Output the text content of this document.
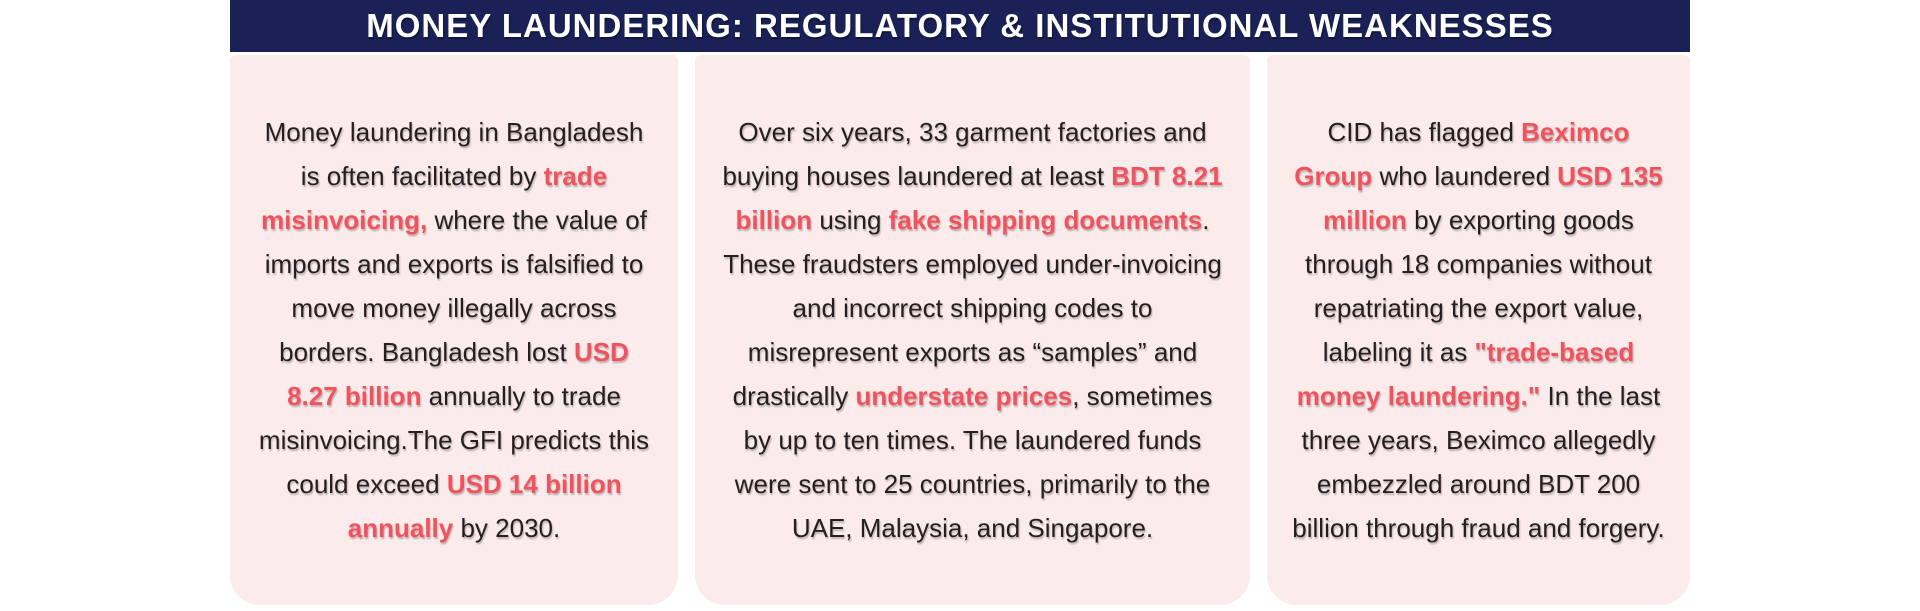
MONEY LAUNDERING: REGULATORY & INSTITUTIONAL WEAKNESSES

Money laundering in Bangladesh is often facilitated by trade misinvoicing, where the value of imports and exports is falsified to move money illegally across borders. Bangladesh lost USD 8.27 billion annually to trade misinvoicing.The GFI predicts this could exceed USD 14 billion annually by 2030.

Over six years, 33 garment factories and buying houses laundered at least BDT 8.21 billion using fake shipping documents. These fraudsters employed under-invoicing and incorrect shipping codes to misrepresent exports as “samples” and drastically understate prices, sometimes by up to ten times. The laundered funds were sent to 25 countries, primarily to the UAE, Malaysia, and Singapore.

CID has flagged Beximco Group who laundered USD 135 million by exporting goods through 18 companies without repatriating the export value, labeling it as "trade-based money laundering." In the last three years, Beximco allegedly embezzled around BDT 200 billion through fraud and forgery.
